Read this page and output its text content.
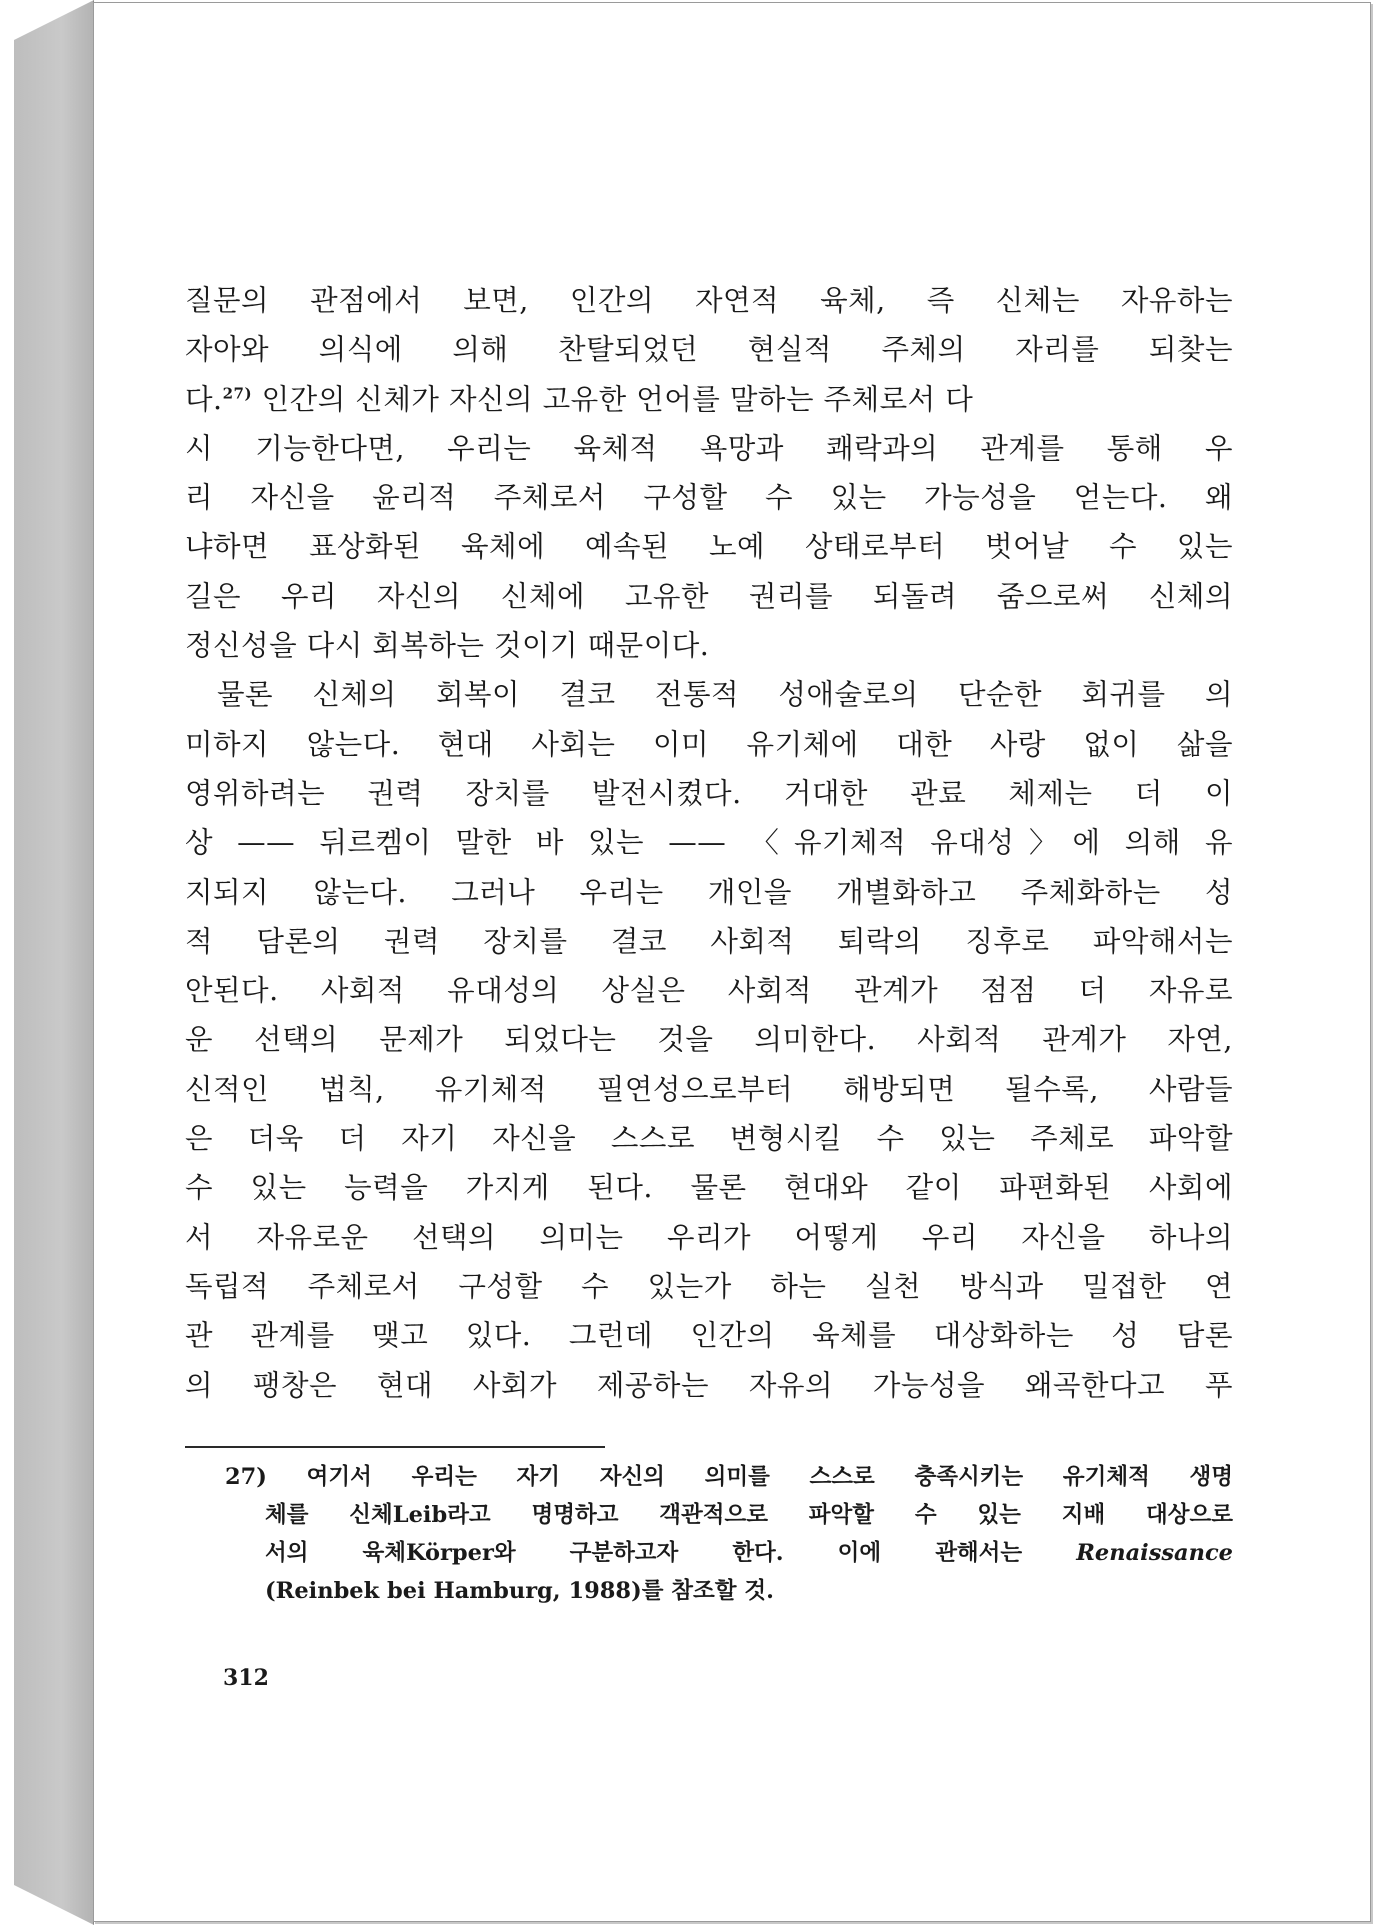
질문의 관점에서 보면, 인간의 자연적 육체, 즉 신체는 자유하는
자아와 의식에 의해 찬탈되었던 현실적 주체의 자리를 되찾는
다.$^{27)}$ 인간의 신체가 자신의 고유한 언어를 말하는 주체로서 다
시 기능한다면, 우리는 육체적 욕망과 쾌락과의 관계를 통해 우
리 자신을 윤리적 주체로서 구성할 수 있는 가능성을 얻는다. 왜
냐하면 표상화된 육체에 예속된 노예 상태로부터 벗어날 수 있는
길은 우리 자신의 신체에 고유한 권리를 되돌려 줌으로써 신체의
정신성을 다시 회복하는 것이기 때문이다.
물론 신체의 회복이 결코 전통적 성애술로의 단순한 회귀를 의
미하지 않는다. 현대 사회는 이미 유기체에 대한 사랑 없이 삶을
영위하려는 권력 장치를 발전시켰다. 거대한 관료 체제는 더 이
상 —— 뒤르켐이 말한 바 있는 —— 〈유기체적 유대성〉에 의해 유
지되지 않는다. 그러나 우리는 개인을 개별화하고 주체화하는 성
적 담론의 권력 장치를 결코 사회적 퇴락의 징후로 파악해서는
안된다. 사회적 유대성의 상실은 사회적 관계가 점점 더 자유로
운 선택의 문제가 되었다는 것을 의미한다. 사회적 관계가 자연,
신적인 법칙, 유기체적 필연성으로부터 해방되면 될수록, 사람들
은 더욱 더 자기 자신을 스스로 변형시킬 수 있는 주체로 파악할
수 있는 능력을 가지게 된다. 물론 현대와 같이 파편화된 사회에
서 자유로운 선택의 의미는 우리가 어떻게 우리 자신을 하나의
독립적 주체로서 구성할 수 있는가 하는 실천 방식과 밀접한 연
관 관계를 맺고 있다. 그런데 인간의 육체를 대상화하는 성 담론
의 팽창은 현대 사회가 제공하는 자유의 가능성을 왜곡한다고 푸
27) 여기서 우리는 자기 자신의 의미를 스스로 충족시키는 유기체적 생명
체를 신체Leib라고 명명하고 객관적으로 파악할 수 있는 지배 대상으로
서의 육체Körper와 구분하고자 한다. 이에 관해서는 Renaissance
(Reinbek bei Hamburg, 1988)를 참조할 것.
312
